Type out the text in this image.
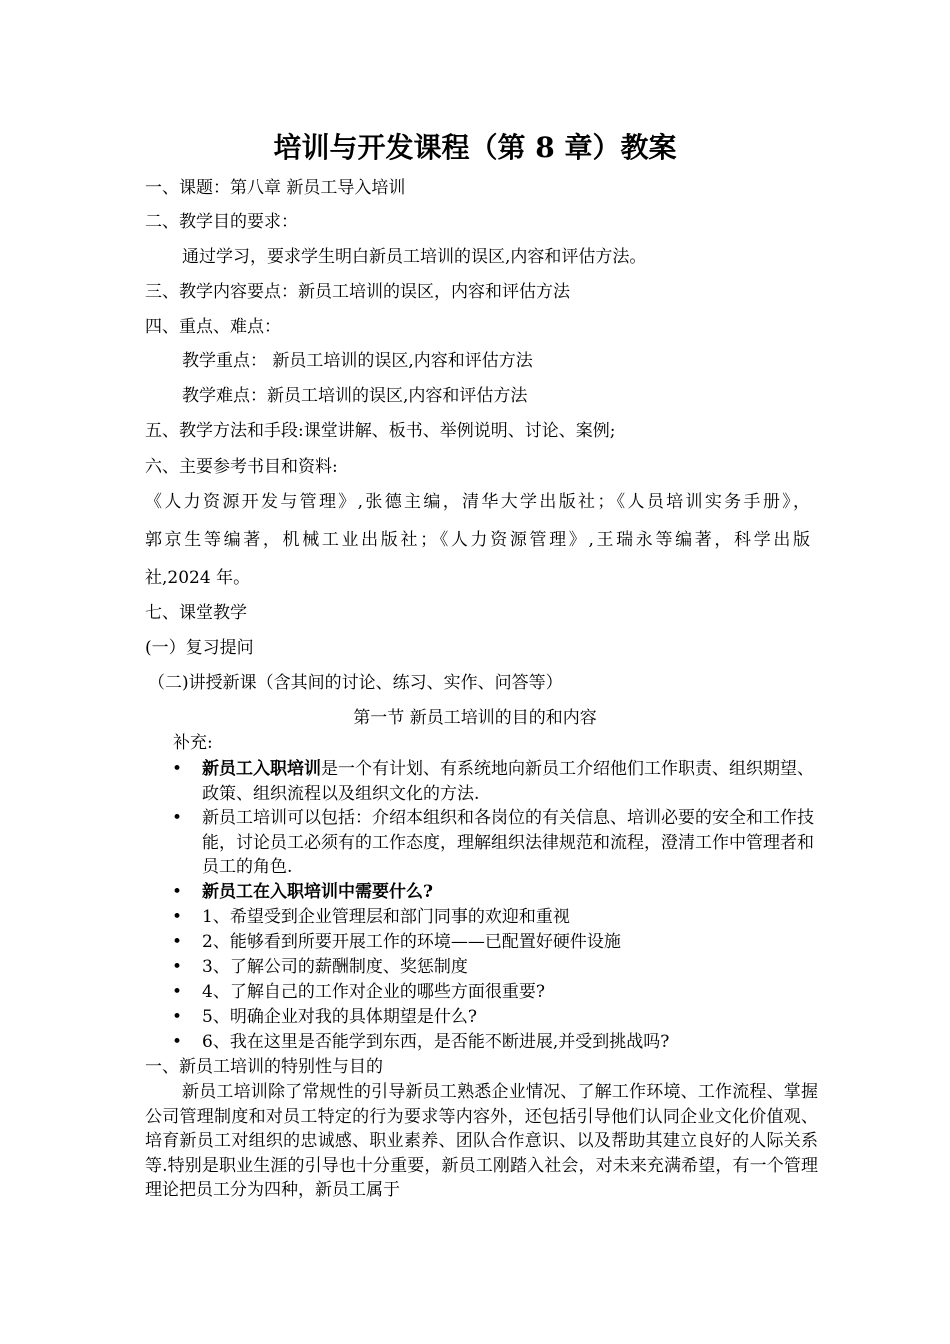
培训与开发课程（第 8 章）教案
一、课题：第八章 新员工导入培训
二、教学目的要求：
通过学习，要求学生明白新员工培训的误区,内容和评估方法。
三、教学内容要点：新员工培训的误区，内容和评估方法
四、重点、难点：
教学重点： 新员工培训的误区,内容和评估方法
教学难点：新员工培训的误区,内容和评估方法
五、教学方法和手段:课堂讲解、板书、举例说明、讨论、案例;
六、主要参考书目和资料:
《人力资源开发与管理》,张德主编，清华大学出版社；《人员培训实务手册》，
郭京生等编著，机械工业出版社；《人力资源管理》,王瑞永等编著，科学出版
社,2024 年。
七、课堂教学
(一）复习提问
（二)讲授新课（含其间的讨论、练习、实作、问答等）
第一节 新员工培训的目的和内容
补充:
• 新员工入职培训是一个有计划、有系统地向新员工介绍他们工作职责、组织期望、政策、组织流程以及组织文化的方法.
• 新员工培训可以包括：介绍本组织和各岗位的有关信息、培训必要的安全和工作技能，讨论员工必须有的工作态度，理解组织法律规范和流程，澄清工作中管理者和员工的角色.
• 新员工在入职培训中需要什么?
• 1、希望受到企业管理层和部门同事的欢迎和重视
• 2、能够看到所要开展工作的环境——已配置好硬件设施
• 3、了解公司的薪酬制度、奖惩制度
• 4、了解自己的工作对企业的哪些方面很重要?
• 5、明确企业对我的具体期望是什么?
• 6、我在这里是否能学到东西，是否能不断进展,并受到挑战吗?
一、新员工培训的特别性与目的
新员工培训除了常规性的引导新员工熟悉企业情况、了解工作环境、工作流程、掌握公司管理制度和对员工特定的行为要求等内容外，还包括引导他们认同企业文化价值观、培育新员工对组织的忠诚感、职业素养、团队合作意识、以及帮助其建立良好的人际关系等.特别是职业生涯的引导也十分重要，新员工刚踏入社会，对未来充满希望，有一个管理理论把员工分为四种，新员工属于
